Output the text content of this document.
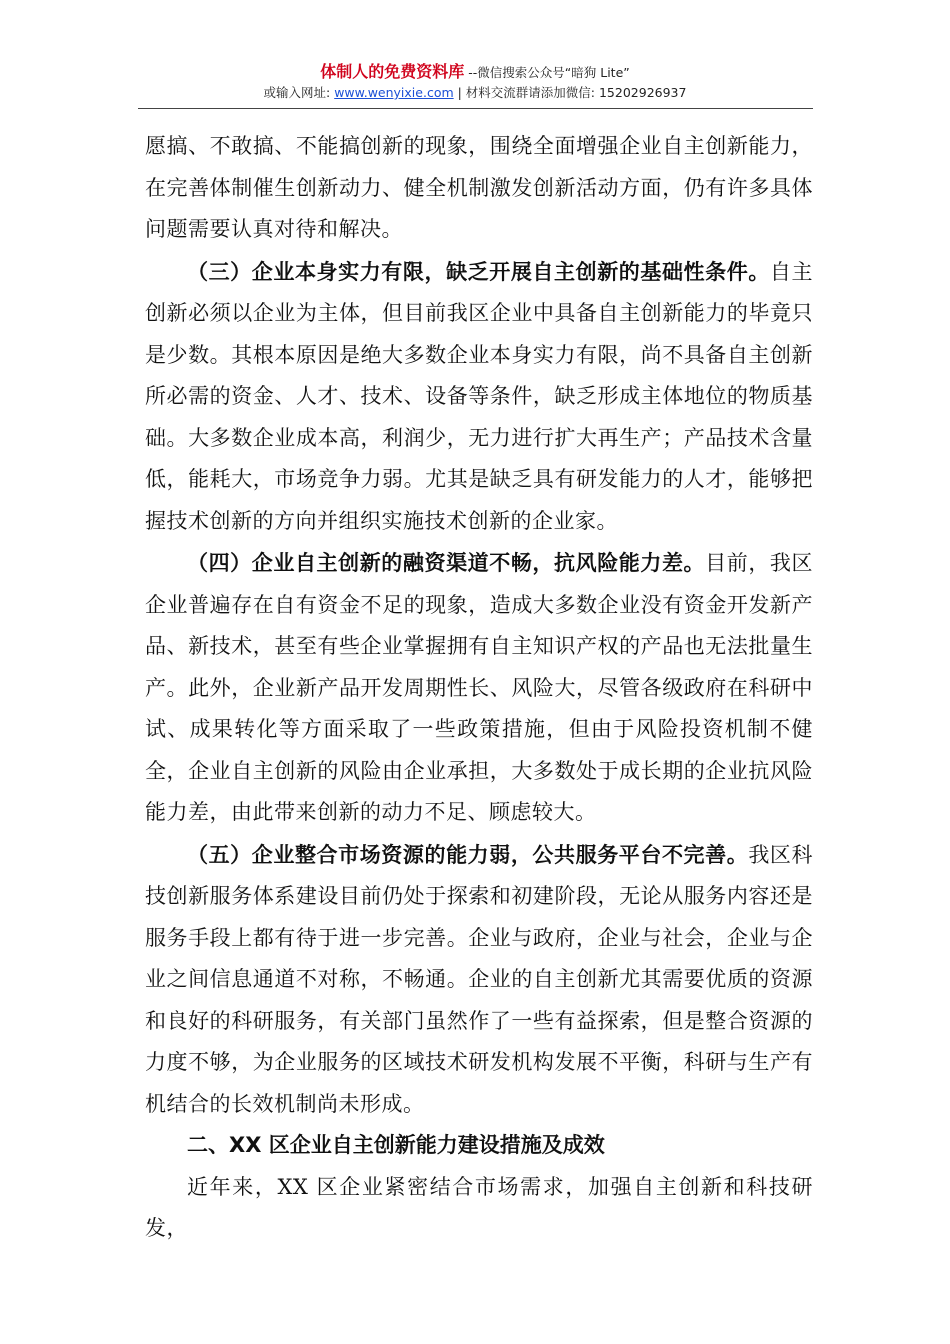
体制人的免费资料库 --微信搜索公众号“暗狗 Lite”
或输入网址: www.wenyixie.com | 材料交流群请添加微信: 15202926937

愿搞、不敢搞、不能搞创新的现象，围绕全面增强企业自主创新能力，在完善体制催生创新动力、健全机制激发创新活动方面，仍有许多具体问题需要认真对待和解决。

（三）企业本身实力有限，缺乏开展自主创新的基础性条件。自主创新必须以企业为主体，但目前我区企业中具备自主创新能力的毕竟只是少数。其根本原因是绝大多数企业本身实力有限，尚不具备自主创新所必需的资金、人才、技术、设备等条件，缺乏形成主体地位的物质基础。大多数企业成本高，利润少，无力进行扩大再生产；产品技术含量低，能耗大，市场竞争力弱。尤其是缺乏具有研发能力的人才，能够把握技术创新的方向并组织实施技术创新的企业家。

（四）企业自主创新的融资渠道不畅，抗风险能力差。目前，我区企业普遍存在自有资金不足的现象，造成大多数企业没有资金开发新产品、新技术，甚至有些企业掌握拥有自主知识产权的产品也无法批量生产。此外，企业新产品开发周期性长、风险大，尽管各级政府在科研中试、成果转化等方面采取了一些政策措施，但由于风险投资机制不健全，企业自主创新的风险由企业承担，大多数处于成长期的企业抗风险能力差，由此带来创新的动力不足、顾虑较大。

（五）企业整合市场资源的能力弱，公共服务平台不完善。我区科技创新服务体系建设目前仍处于探索和初建阶段，无论从服务内容还是服务手段上都有待于进一步完善。企业与政府，企业与社会，企业与企业之间信息通道不对称，不畅通。企业的自主创新尤其需要优质的资源和良好的科研服务，有关部门虽然作了一些有益探索，但是整合资源的力度不够，为企业服务的区域技术研发机构发展不平衡，科研与生产有机结合的长效机制尚未形成。

二、XX 区企业自主创新能力建设措施及成效

近年来，XX 区企业紧密结合市场需求，加强自主创新和科技研发，
